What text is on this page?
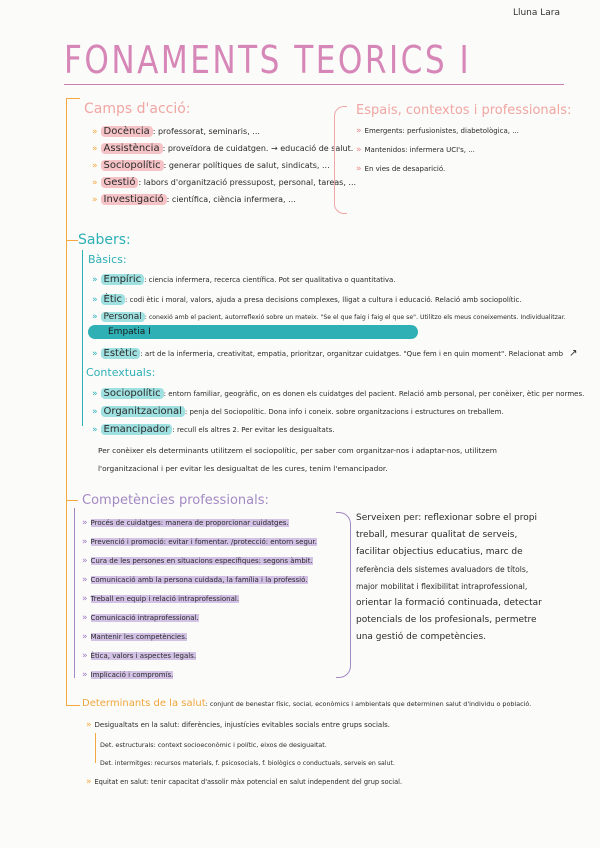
Lluna Lara
FONAMENTS TEORICS I
Camps d'acció:
» Docència : professorat, seminaris, ...
» Assistència : proveïdora de cuidatgen. → educació de salut.
» Sociopolític : generar polítiques de salut, sindicats, ...
» Gestió : labors d'organització pressupost, personal, tareas, ...
» Investigació : científica, ciència infermera, ...
Espais, contextos i professionals:
» Emergents: perfusionistes, diabetològica, ...
» Mantenidos: infermera UCI's, ...
» En vies de desaparició.
Sabers:
Bàsics:
» Empíric : ciencia infermera, recerca científica. Pot ser qualitativa o quantitativa.
» Ètic : codi ètic i moral, valors, ajuda a presa decisions complexes, lligat a cultura i educació. Relació amb sociopolític.
» Personal : conexió amb el pacient, autorreflexió sobre un mateix. "Se el que faig i faig el que se". Utilitzo els meus coneixements. Individualitzar.
Empatia I
» Estètic : art de la infermeria, creativitat, empatia, prioritzar, organitzar cuidatges. "Que fem i en quin moment". Relacionat amb ↗
Contextuals:
» Sociopolític : entorn familiar, geogràfic, on es donen els cuidatges del pacient. Relació amb personal, per conèixer, ètic per normes.
» Organitzacional : penja del Sociopolític. Dona info i coneix. sobre organitzacions i estructures on treballem.
» Emancipador : recull els altres 2. Per evitar les desigualtats.
Per conèixer els determinants utilitzem el sociopolític, per saber com organitzar-nos i adaptar-nos, utilitzem
l'organitzacional i per evitar les desigualtat de les cures, tenim l'emancipador.
Competències professionals:
» Procés de cuidatges: manera de proporcionar cuidatges.
» Prevenció i promoció: evitar i fomentar. /protecció: entorn segur.
» Cura de les persones en situacions específiques: segons àmbit.
» Comunicació amb la persona cuidada, la família i la professió.
» Treball en equip i relació intraprofessional.
» Comunicació intraprofessional.
» Mantenir les competències.
» Ètica, valors i aspectes legals.
» Implicació i compromís.
Serveixen per: reflexionar sobre el propi
treball, mesurar qualitat de serveis,
facilitar objectius educatius, marc de
referència dels sistemes avaluadors de títols,
major mobilitat i flexibilitat intraprofessional,
orientar la formació continuada, detectar
potencials de los profesionals, permetre
una gestió de competències.
Determinants de la salut: conjunt de benestar físic, social, econòmics i ambientals que determinen salut d'individu o població.
» Desigualtats en la salut: diferències, injustícies evitables socials entre grups socials.
Det. estructurals: context socioeconòmic i polític, eixos de desigualtat.
Det. intermitges: recursos materials, f. psicosocials, f. biològics o conductuals, serveis en salut.
» Equitat en salut: tenir capacitat d'assolir màx potencial en salut independent del grup social.
